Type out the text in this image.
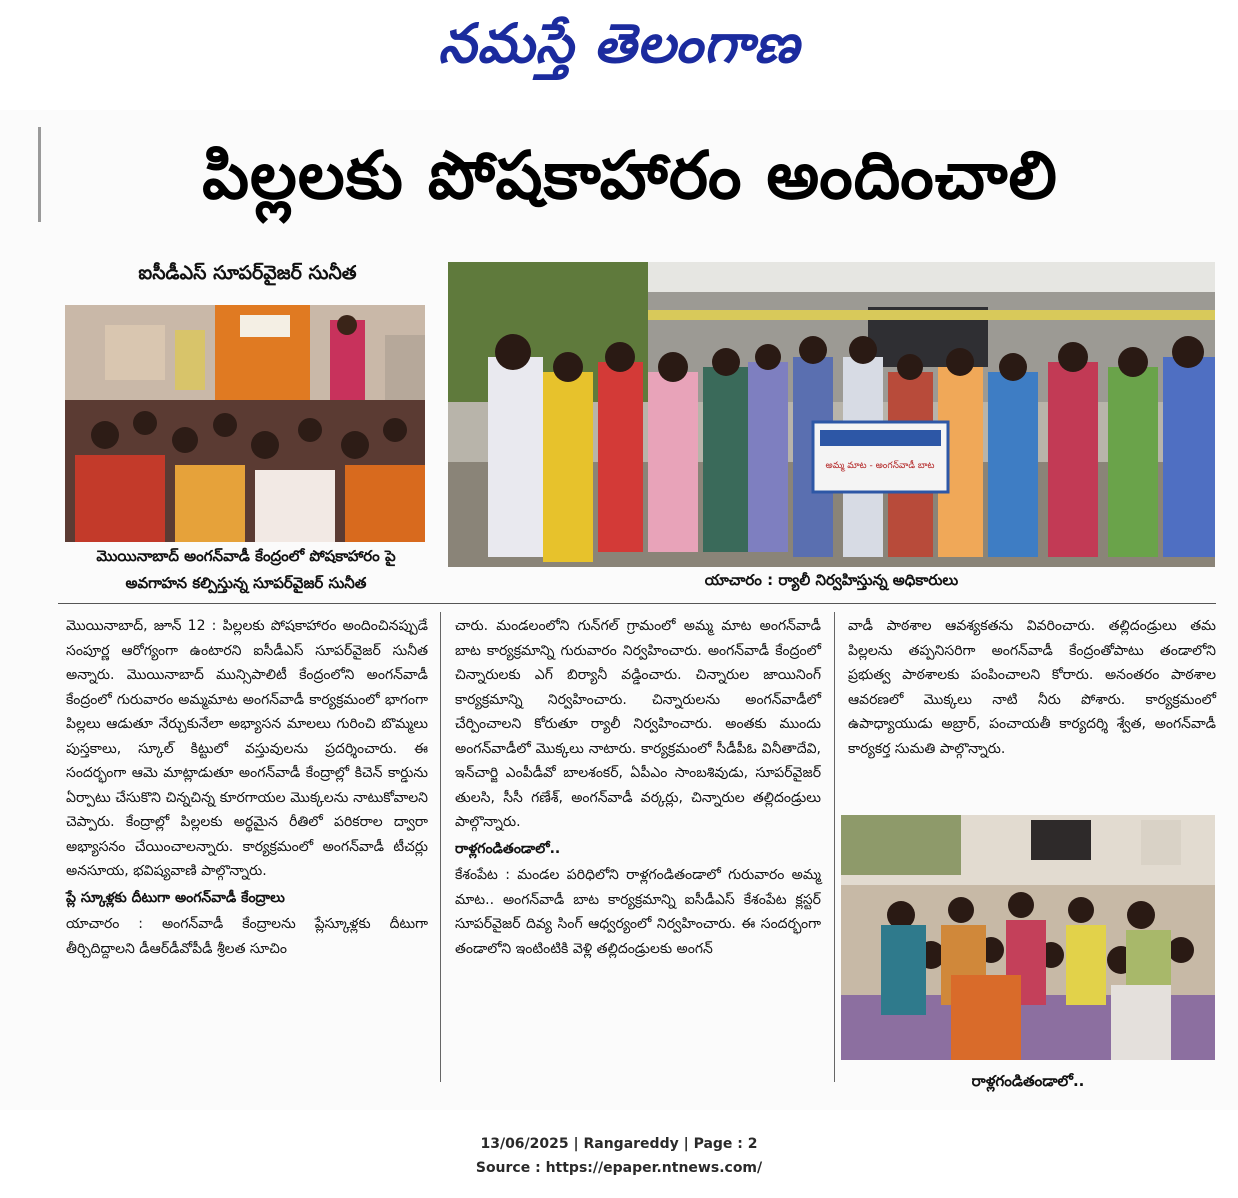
నమస్తే తెలంగాణ
పిల్లలకు పోషకాహారం అందించాలి
ఐసీడీఎస్ సూపర్‌వైజర్ సునీత
మొయినాబాద్ అంగన్‌వాడీ కేంద్రంలో పోషకాహారం పై అవగాహన కల్పిస్తున్న సూపర్‌వైజర్ సునీత
అమ్మ మాట - అంగన్‌వాడీ బాట
యాచారం : ర్యాలీ నిర్వహిస్తున్న అధికారులు
రాళ్లగండితండాలో..

మొయినాబాద్, జూన్ 12 : పిల్లలకు పోషకాహారం అందించినప్పుడే సంపూర్ణ ఆరోగ్యంగా ఉంటారని ఐసీడీఎస్ సూపర్‌వైజర్ సునీత అన్నారు. మొయినాబాద్ మున్సిపాలిటీ కేంద్రంలోని అంగన్‌వాడీ కేంద్రంలో గురువారం అమ్మమాట అంగన్‌వాడీ కార్యక్రమంలో భాగంగా పిల్లలు ఆడుతూ నేర్చుకునేలా అభ్యాసన మాలలు గురించి బొమ్మలు పుస్తకాలు, స్కూల్ కిట్టులో వస్తువులను ప్రదర్శించారు. ఈ సందర్భంగా ఆమె మాట్లాడుతూ అంగన్‌వాడీ కేంద్రాల్లో కిచెన్ కార్డును ఏర్పాటు చేసుకొని చిన్నచిన్న కూరగాయల మొక్కలను నాటుకోవాలని చెప్పారు. కేంద్రాల్లో పిల్లలకు అర్థమైన రీతిలో పరికరాల ద్వారా అభ్యాసనం చేయించాలన్నారు. కార్యక్రమంలో అంగన్‌వాడీ టీచర్లు అనసూయ, భవిష్యవాణి పాల్గొన్నారు.

ప్లే స్కూళ్లకు దీటుగా అంగన్‌వాడీ కేంద్రాలు

యాచారం : అంగన్‌వాడీ కేంద్రాలను ప్లేస్కూళ్లకు దీటుగా తీర్చిదిద్దాలని డీఆర్‌డీవోపీడీ శ్రీలత సూచిం

చారు. మండలంలోని గున్‌గల్ గ్రామంలో అమ్మ మాట అంగన్‌వాడీ బాట కార్యక్రమాన్ని గురువారం నిర్వహించారు. అంగన్‌వాడీ కేంద్రంలో చిన్నారులకు ఎగ్ బిర్యానీ వడ్డించారు. చిన్నారుల జాయినింగ్ కార్యక్రమాన్ని నిర్వహించారు. చిన్నారులను అంగన్‌వాడీలో చేర్పించాలని కోరుతూ ర్యాలీ నిర్వహించారు. అంతకు ముందు అంగన్‌వాడీలో మొక్కలు నాటారు. కార్యక్రమంలో సీడీపీఓ వినీతాదేవి, ఇన్‌చార్జి ఎంపీడీవో బాలశంకర్, ఏపీఎం సాంబశివుడు, సూపర్‌వైజర్ తులసి, సీసీ గణేశ్, అంగన్‌వాడీ వర్కర్లు, చిన్నారుల తల్లిదండ్రులు పాల్గొన్నారు.

రాళ్లగండితండాలో..

కేశంపేట : మండల పరిధిలోని రాళ్లగండితండాలో గురువారం అమ్మ మాట.. అంగన్‌వాడీ బాట కార్యక్రమాన్ని ఐసీడీఎస్ కేశంపేట క్లస్టర్ సూపర్‌వైజర్ దివ్య సింగ్ ఆధ్వర్యంలో నిర్వహించారు. ఈ సందర్భంగా తండాలోని ఇంటింటికి వెళ్లి తల్లిదండ్రులకు అంగన్

వాడీ పాఠశాల ఆవశ్యకతను వివరించారు. తల్లిదండ్రులు తమ పిల్లలను తప్పనిసరిగా అంగన్‌వాడీ కేంద్రంతోపాటు తండాలోని ప్రభుత్వ పాఠశాలకు పంపించాలని కోరారు. అనంతరం పాఠశాల ఆవరణలో మొక్కలు నాటి నీరు పోశారు. కార్యక్రమంలో ఉపాధ్యాయుడు అబ్రార్, పంచాయతీ కార్యదర్శి శ్వేత, అంగన్‌వాడీ కార్యకర్త సుమతి పాల్గొన్నారు.

13/06/2025 | Rangareddy | Page : 2
Source : https://epaper.ntnews.com/
